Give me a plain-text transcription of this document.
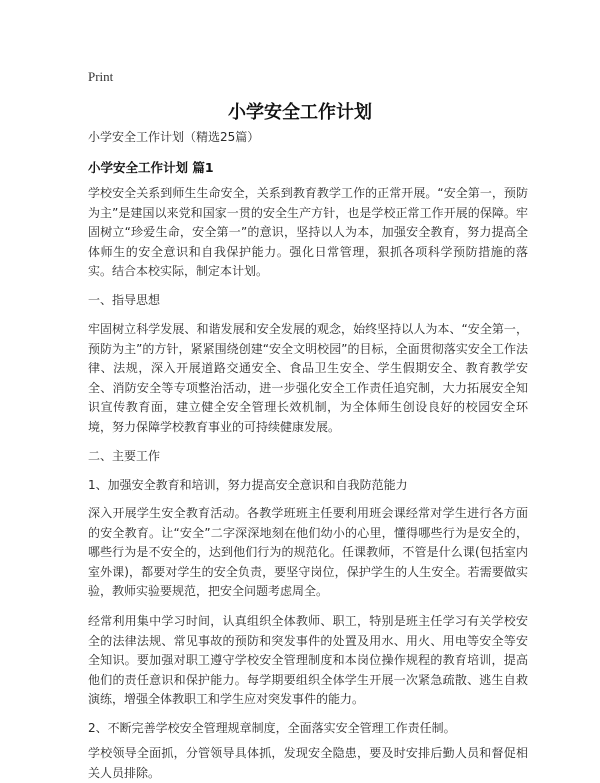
Print
小学安全工作计划

小学安全工作计划（精选25篇）

小学安全工作计划 篇1

学校安全关系到师生生命安全，关系到教育教学工作的正常开展。“安全第一，预防为主”是建国以来党和国家一贯的安全生产方针，也是学校正常工作开展的保障。牢固树立“珍爱生命，安全第一”的意识，坚持以人为本，加强安全教育，努力提高全体师生的安全意识和自我保护能力。强化日常管理，狠抓各项科学预防措施的落实。结合本校实际，制定本计划。

一、指导思想

牢固树立科学发展、和谐发展和安全发展的观念，始终坚持以人为本、“安全第一，预防为主”的方针，紧紧围绕创建“安全文明校园”的目标，全面贯彻落实安全工作法律、法规，深入开展道路交通安全、食品卫生安全、学生假期安全、教育教学安全、消防安全等专项整治活动，进一步强化安全工作责任追究制，大力拓展安全知识宣传教育面，建立健全安全管理长效机制，为全体师生创设良好的校园安全环境，努力保障学校教育事业的可持续健康发展。

二、主要工作

1、加强安全教育和培训，努力提高安全意识和自我防范能力

深入开展学生安全教育活动。各教学班班主任要利用班会课经常对学生进行各方面的安全教育。让“安全”二字深深地刻在他们幼小的心里，懂得哪些行为是安全的，哪些行为是不安全的，达到他们行为的规范化。任课教师，不管是什么课(包括室内室外课)，都要对学生的安全负责，要坚守岗位，保护学生的人生安全。若需要做实验，教师实验要规范，把安全问题考虑周全。

经常利用集中学习时间，认真组织全体教师、职工，特别是班主任学习有关学校安全的法律法规、常见事故的预防和突发事件的处置及用水、用火、用电等安全等安全知识。要加强对职工遵守学校安全管理制度和本岗位操作规程的教育培训，提高他们的责任意识和保护能力。每学期要组织全体学生开展一次紧急疏散、逃生自救演练，增强全体教职工和学生应对突发事件的能力。

2、不断完善学校安全管理规章制度，全面落实安全管理工作责任制。

学校领导全面抓，分管领导具体抓，发现安全隐患，要及时安排后勤人员和督促相关人员排除。
